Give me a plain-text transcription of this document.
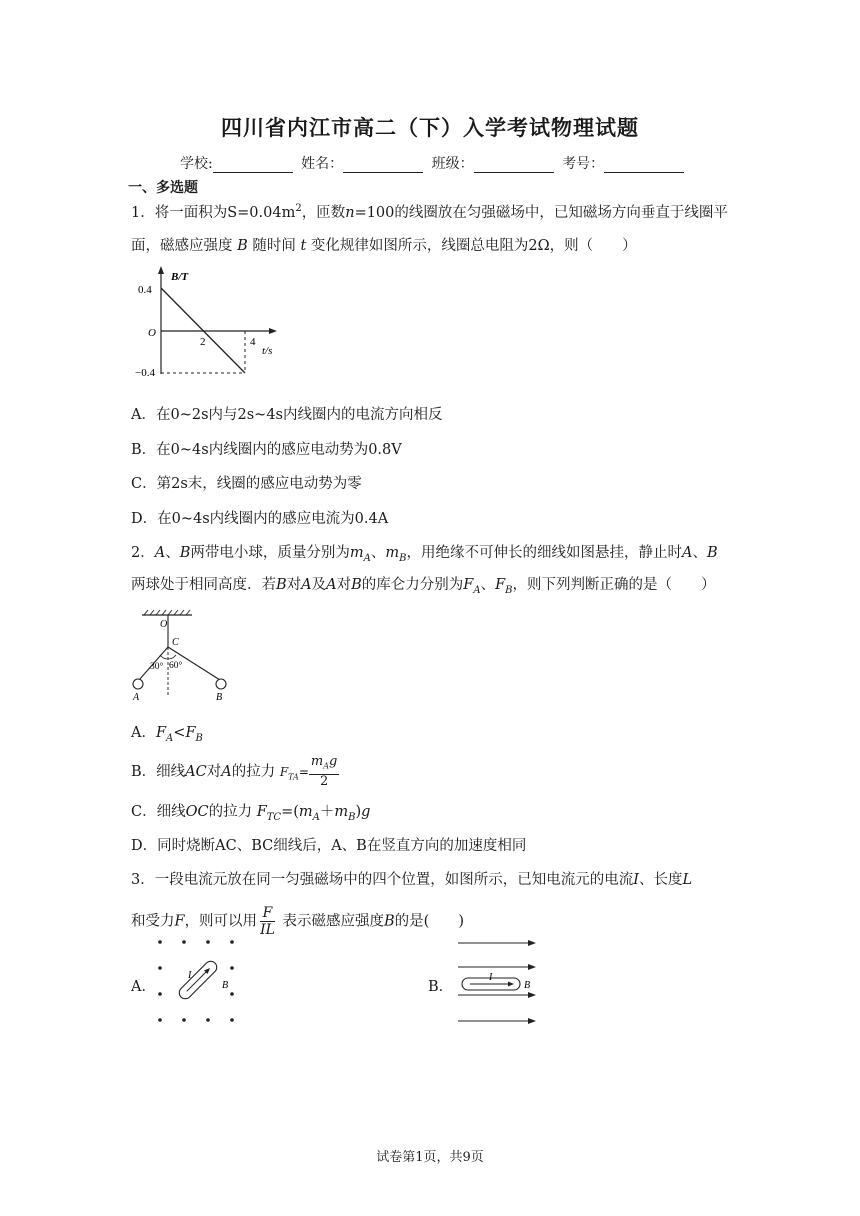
四川省内江市高二（下）入学考试物理试题
学校:	姓名：	班级：	考号：
一、多选题
1．将一面积为$S=0.04m^2$，匝数n=100的线圈放在匀强磁场中，已知磁场方向垂直于线圈平
面，磁感应强度 B 随时间 t 变化规律如图所示，线圈总电阻为2Ω，则（　　）
B/T
0.4
O
−0.4
2	4
t/s
A．在0~2s内与2s~4s内线圈内的电流方向相反
B．在0~4s内线圈内的感应电动势为0.8V
C．第2s末，线圈的感应电动势为零
D．在0~4s内线圈内的感应电流为0.4A
2．A、B两带电小球，质量分别为$m_A$、$m_B$，用绝缘不可伸长的细线如图悬挂，静止时A、B
两球处于相同高度．若B对A及A对B的库仑力分别为$F_A$、$F_B$，则下列判断正确的是（　　）
O
C
30° 60°
A	B
A．$F_A<F_B$
B．细线AC对A的拉力 $F_{TA}= \frac{m_Ag}{2}$
C．细线OC的拉力 $F_{TC}=(m_A+m_B)g$
D．同时烧断AC、BC细线后，A、B在竖直方向的加速度相同
3．一段电流元放在同一匀强磁场中的四个位置，如图所示，已知电流元的电流I、长度L
和受力F，则可以用 $\frac{F}{IL}$ 表示磁感应强度B的是(　　)
A．
I
B	B．
I
B
试卷第1页，共9页
